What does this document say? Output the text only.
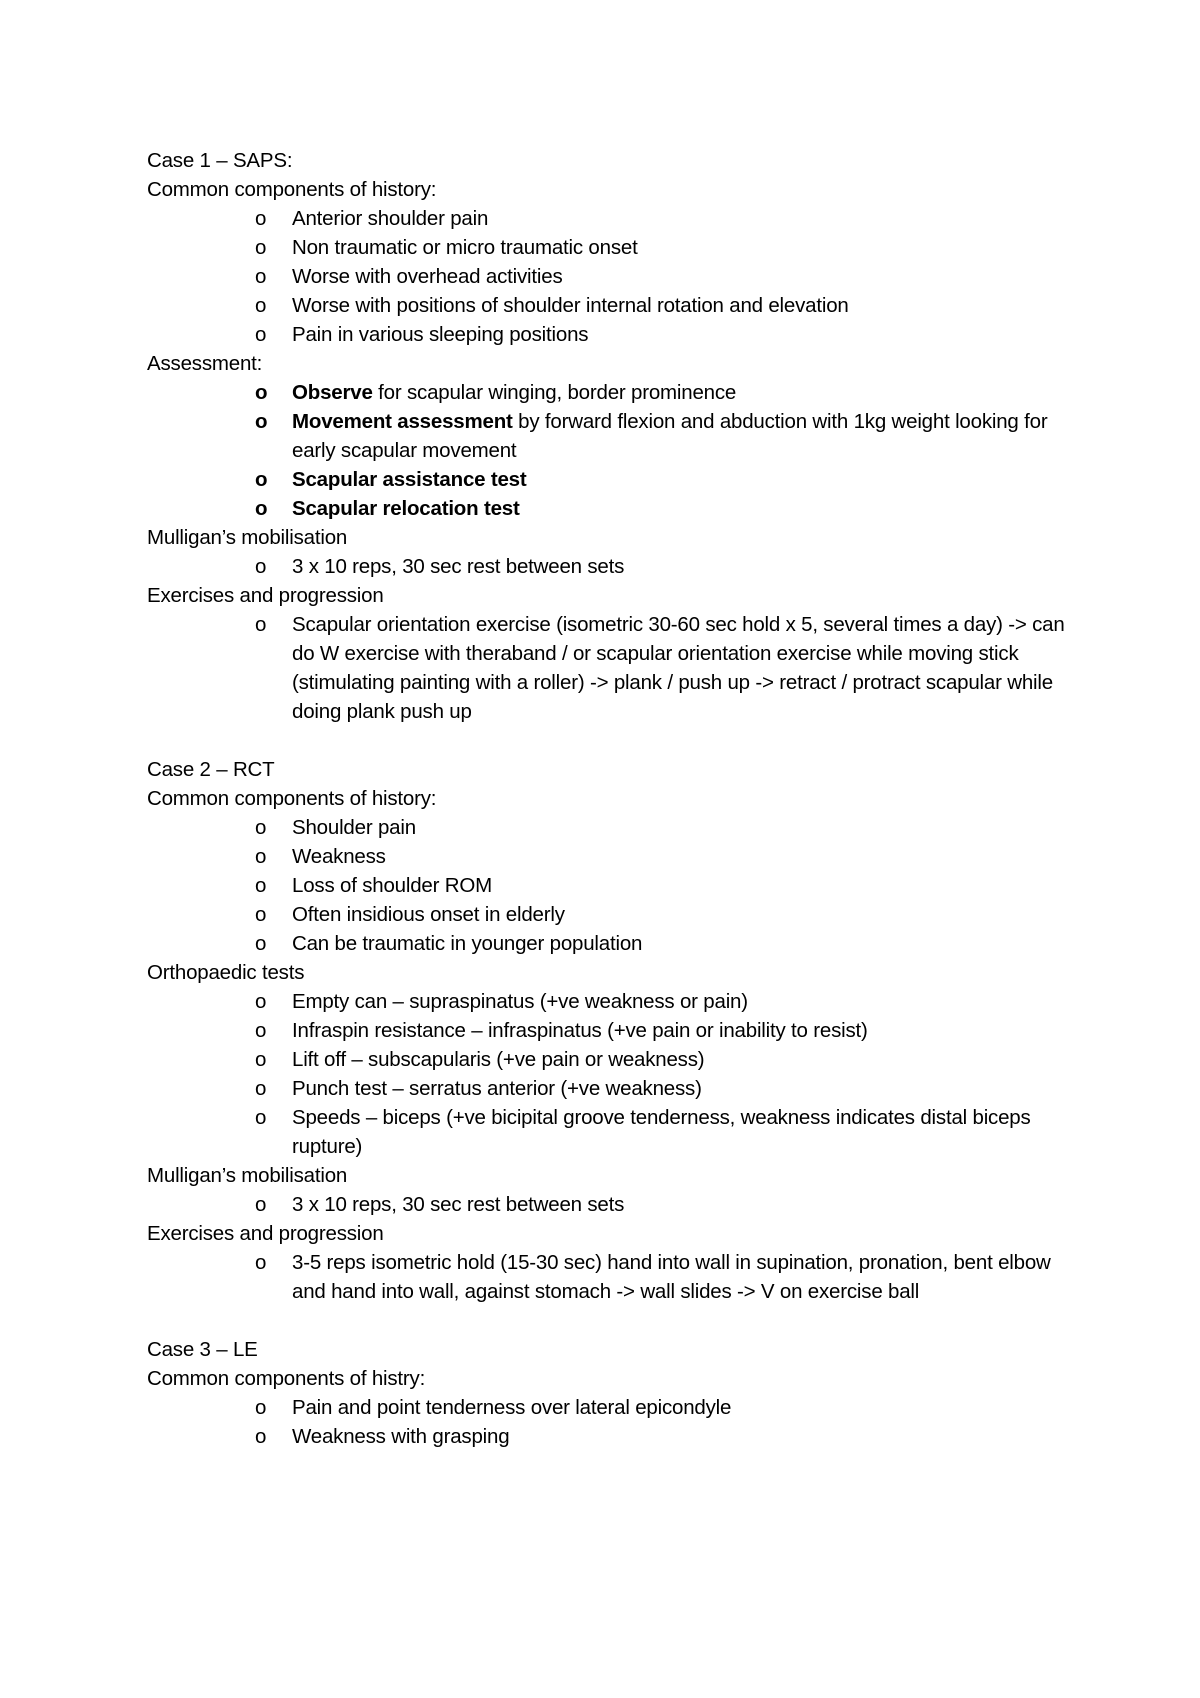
Case 1 – SAPS:
Common components of history:
o	Anterior shoulder pain
o	Non traumatic or micro traumatic onset
o	Worse with overhead activities
o	Worse with positions of shoulder internal rotation and elevation
o	Pain in various sleeping positions
Assessment:
o	Observe for scapular winging, border prominence
o	Movement assessment by forward flexion and abduction with 1kg weight looking for early scapular movement
o	Scapular assistance test
o	Scapular relocation test
Mulligan’s mobilisation
o	3 x 10 reps, 30 sec rest between sets
Exercises and progression
o	Scapular orientation exercise (isometric 30-60 sec hold x 5, several times a day) -> can do W exercise with theraband / or scapular orientation exercise while moving stick (stimulating painting with a roller) -> plank / push up -> retract / protract scapular while doing plank push up
Case 2 – RCT
Common components of history:
o	Shoulder pain
o	Weakness
o	Loss of shoulder ROM
o	Often insidious onset in elderly
o	Can be traumatic in younger population
Orthopaedic tests
o	Empty can – supraspinatus (+ve weakness or pain)
o	Infraspin resistance – infraspinatus (+ve pain or inability to resist)
o	Lift off – subscapularis (+ve pain or weakness)
o	Punch test – serratus anterior (+ve weakness)
o	Speeds – biceps (+ve bicipital groove tenderness, weakness indicates distal biceps rupture)
Mulligan’s mobilisation
o	3 x 10 reps, 30 sec rest between sets
Exercises and progression
o	3-5 reps isometric hold (15-30 sec) hand into wall in supination, pronation, bent elbow and hand into wall, against stomach -> wall slides -> V on exercise ball
Case 3 – LE
Common components of histry:
o	Pain and point tenderness over lateral epicondyle
o	Weakness with grasping
